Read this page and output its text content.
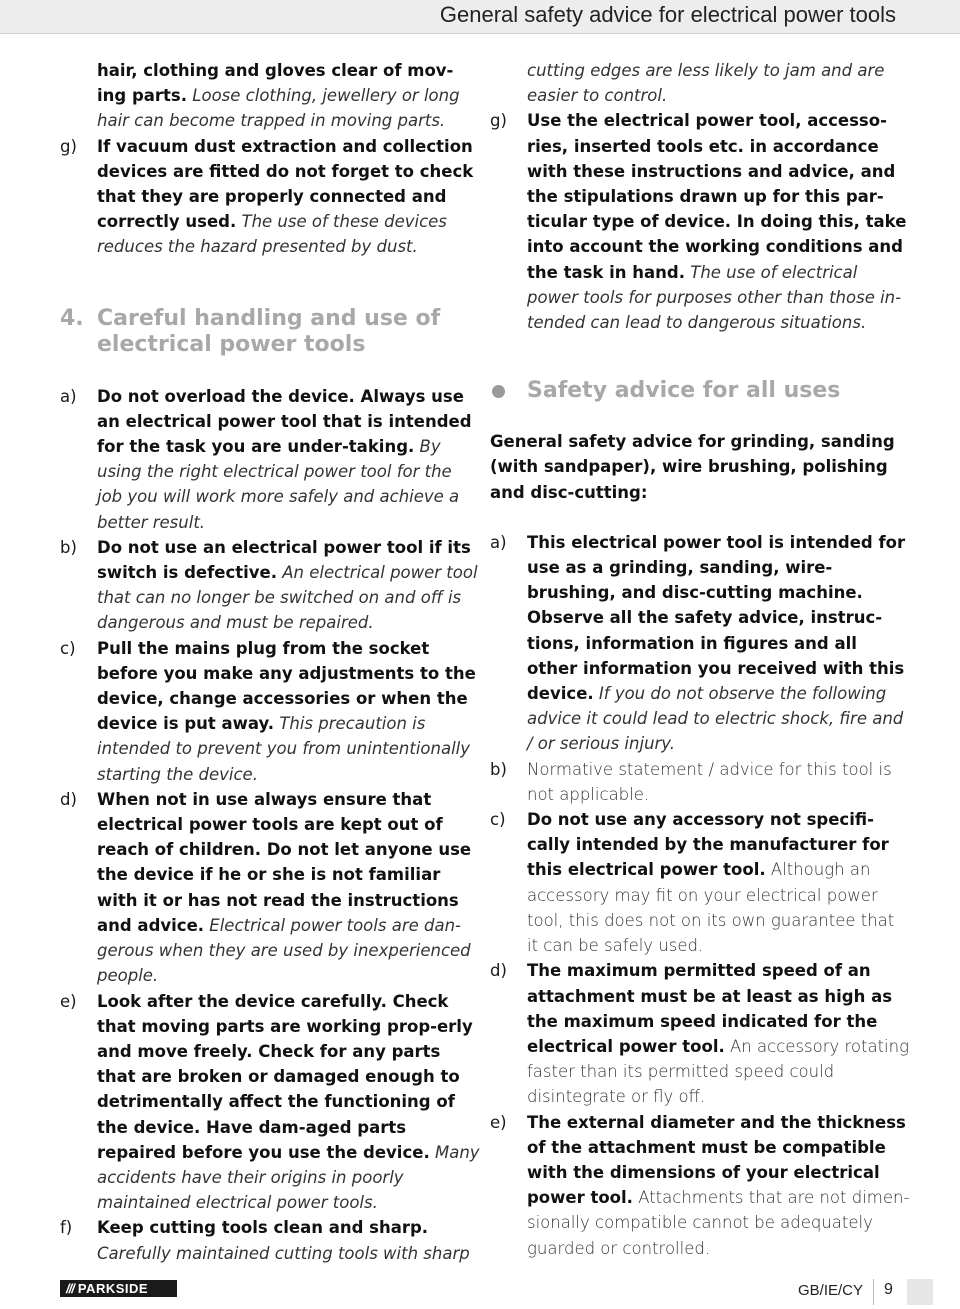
General safety advice for electrical power tools
hair, clothing and gloves clear of mov-ing parts. Loose clothing, jewellery or long hair can become trapped in moving parts.
g) If vacuum dust extraction and collection devices are fitted do not forget to check that they are properly connected and correctly used. The use of these devices reduces the hazard presented by dust.
4. Careful handling and use of electrical power tools
a) Do not overload the device. Always use an electrical power tool that is intended for the task you are under-taking. By using the right electrical power tool for the job you will work more safely and achieve a better result.
b) Do not use an electrical power tool if its switch is defective. An electrical power tool that can no longer be switched on and off is dangerous and must be repaired.
c) Pull the mains plug from the socket before you make any adjustments to the device, change accessories or when the device is put away. This precaution is intended to prevent you from unintentionally starting the device.
d) When not in use always ensure that electrical power tools are kept out of reach of children. Do not let anyone use the device if he or she is not familiar with it or has not read the instructions and advice. Electrical power tools are dan-gerous when they are used by inexperienced people.
e) Look after the device carefully. Check that moving parts are working prop-erly and move freely. Check for any parts that are broken or damaged enough to detrimentally affect the functioning of the device. Have dam-aged parts repaired before you use the device. Many accidents have their origins in poorly maintained electrical power tools.
f) Keep cutting tools clean and sharp. Carefully maintained cutting tools with sharp
cutting edges are less likely to jam and are easier to control.
g) Use the electrical power tool, accesso-ries, inserted tools etc. in accordance with these instructions and advice, and the stipulations drawn up for this par-ticular type of device. In doing this, take into account the working conditions and the task in hand. The use of electrical power tools for purposes other than those in-tended can lead to dangerous situations.
Safety advice for all uses
General safety advice for grinding, sanding (with sandpaper), wire brushing, polishing and disc-cutting:
a) This electrical power tool is intended for use as a grinding, sanding, wire-brushing, and disc-cutting machine. Observe all the safety advice, instruc-tions, information in figures and all other information you received with this device. If you do not observe the following advice it could lead to electric shock, fire and / or serious injury.
b) Normative statement / advice for this tool is not applicable.
c) Do not use any accessory not specifi-cally intended by the manufacturer for this electrical power tool. Although an accessory may fit on your electrical power tool, this does not on its own guarantee that it can be safely used.
d) The maximum permitted speed of an attachment must be at least as high as the maximum speed indicated for the electrical power tool. An accessory rotating faster than its permitted speed could disintegrate or fly off.
e) The external diameter and the thickness of the attachment must be compatible with the dimensions of your electrical power tool. Attachments that are not dimen-sionally compatible cannot be adequately guarded or controlled.
/// PARKSIDE	GB/IE/CY 9
